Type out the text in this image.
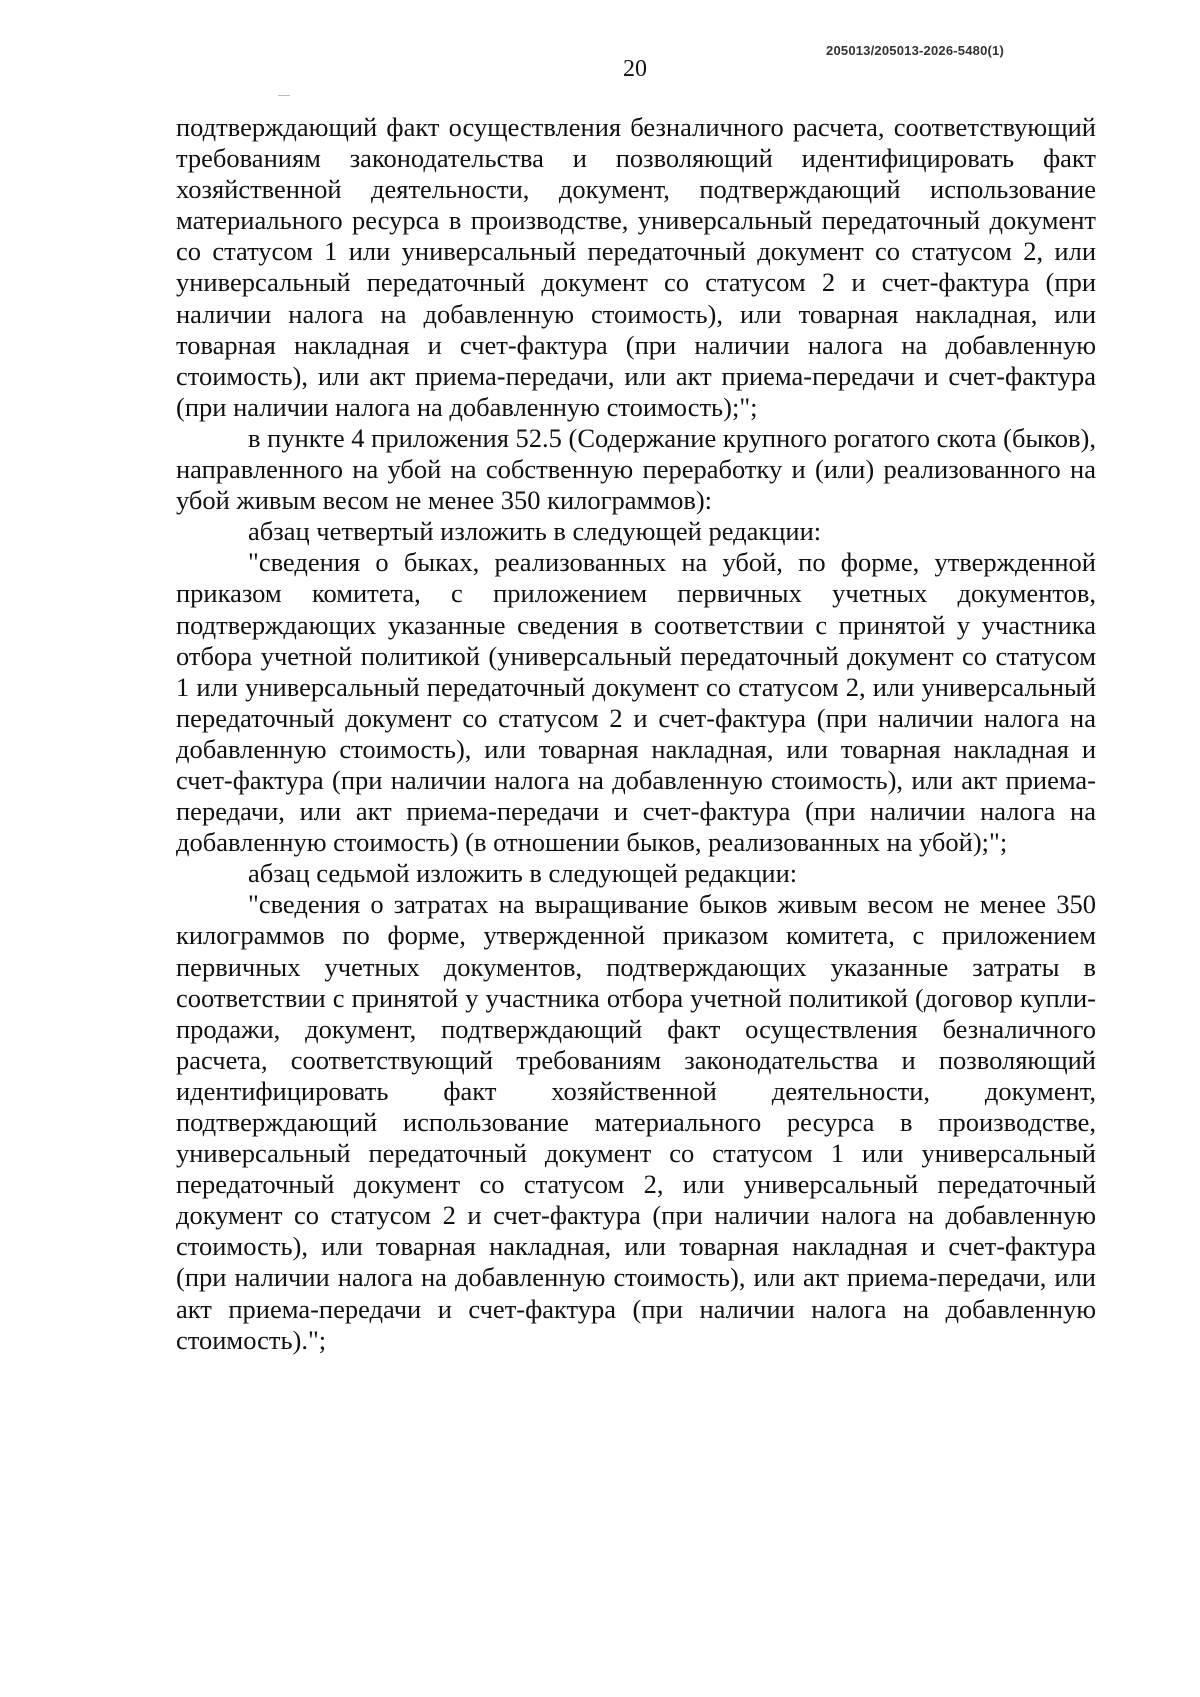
205013/205013-2026-5480(1)
20

подтверждающий факт осуществления безналичного расчета, соответствующий требованиям законодательства и позволяющий идентифицировать факт хозяйственной деятельности, документ, подтверждающий использование материального ресурса в производстве, универсальный передаточный документ со статусом 1 или универсальный передаточный документ со статусом 2, или универсальный передаточный документ со статусом 2 и счет-фактура (при наличии налога на добавленную стоимость), или товарная накладная, или товарная накладная и счет-фактура (при наличии налога на добавленную стоимость), или акт приема-передачи, или акт приема-передачи и счет-фактура (при наличии налога на добавленную стоимость);";

в пункте 4 приложения 52.5 (Содержание крупного рогатого скота (быков), направленного на убой на собственную переработку и (или) реализованного на убой живым весом не менее 350 килограммов):

абзац четвертый изложить в следующей редакции:

"сведения о быках, реализованных на убой, по форме, утвержденной приказом комитета, с приложением первичных учетных документов, подтверждающих указанные сведения в соответствии с принятой у участника отбора учетной политикой (универсальный передаточный документ со статусом 1 или универсальный передаточный документ со статусом 2, или универсальный передаточный документ со статусом 2 и счет-фактура (при наличии налога на добавленную стоимость), или товарная накладная, или товарная накладная и счет-фактура (при наличии налога на добавленную стоимость), или акт приема-передачи, или акт приема-передачи и счет-фактура (при наличии налога на добавленную стоимость) (в отношении быков, реализованных на убой);";

абзац седьмой изложить в следующей редакции:

"сведения о затратах на выращивание быков живым весом не менее 350 килограммов по форме, утвержденной приказом комитета, с приложением первичных учетных документов, подтверждающих указанные затраты в соответствии с принятой у участника отбора учетной политикой (договор купли-продажи, документ, подтверждающий факт осуществления безналичного расчета, соответствующий требованиям законодательства и позволяющий идентифицировать факт хозяйственной деятельности, документ, подтверждающий использование материального ресурса в производстве, универсальный передаточный документ со статусом 1 или универсальный передаточный документ со статусом 2, или универсальный передаточный документ со статусом 2 и счет-фактура (при наличии налога на добавленную стоимость), или товарная накладная, или товарная накладная и счет-фактура (при наличии налога на добавленную стоимость), или акт приема-передачи, или акт приема-передачи и счет-фактура (при наличии налога на добавленную стоимость).";
